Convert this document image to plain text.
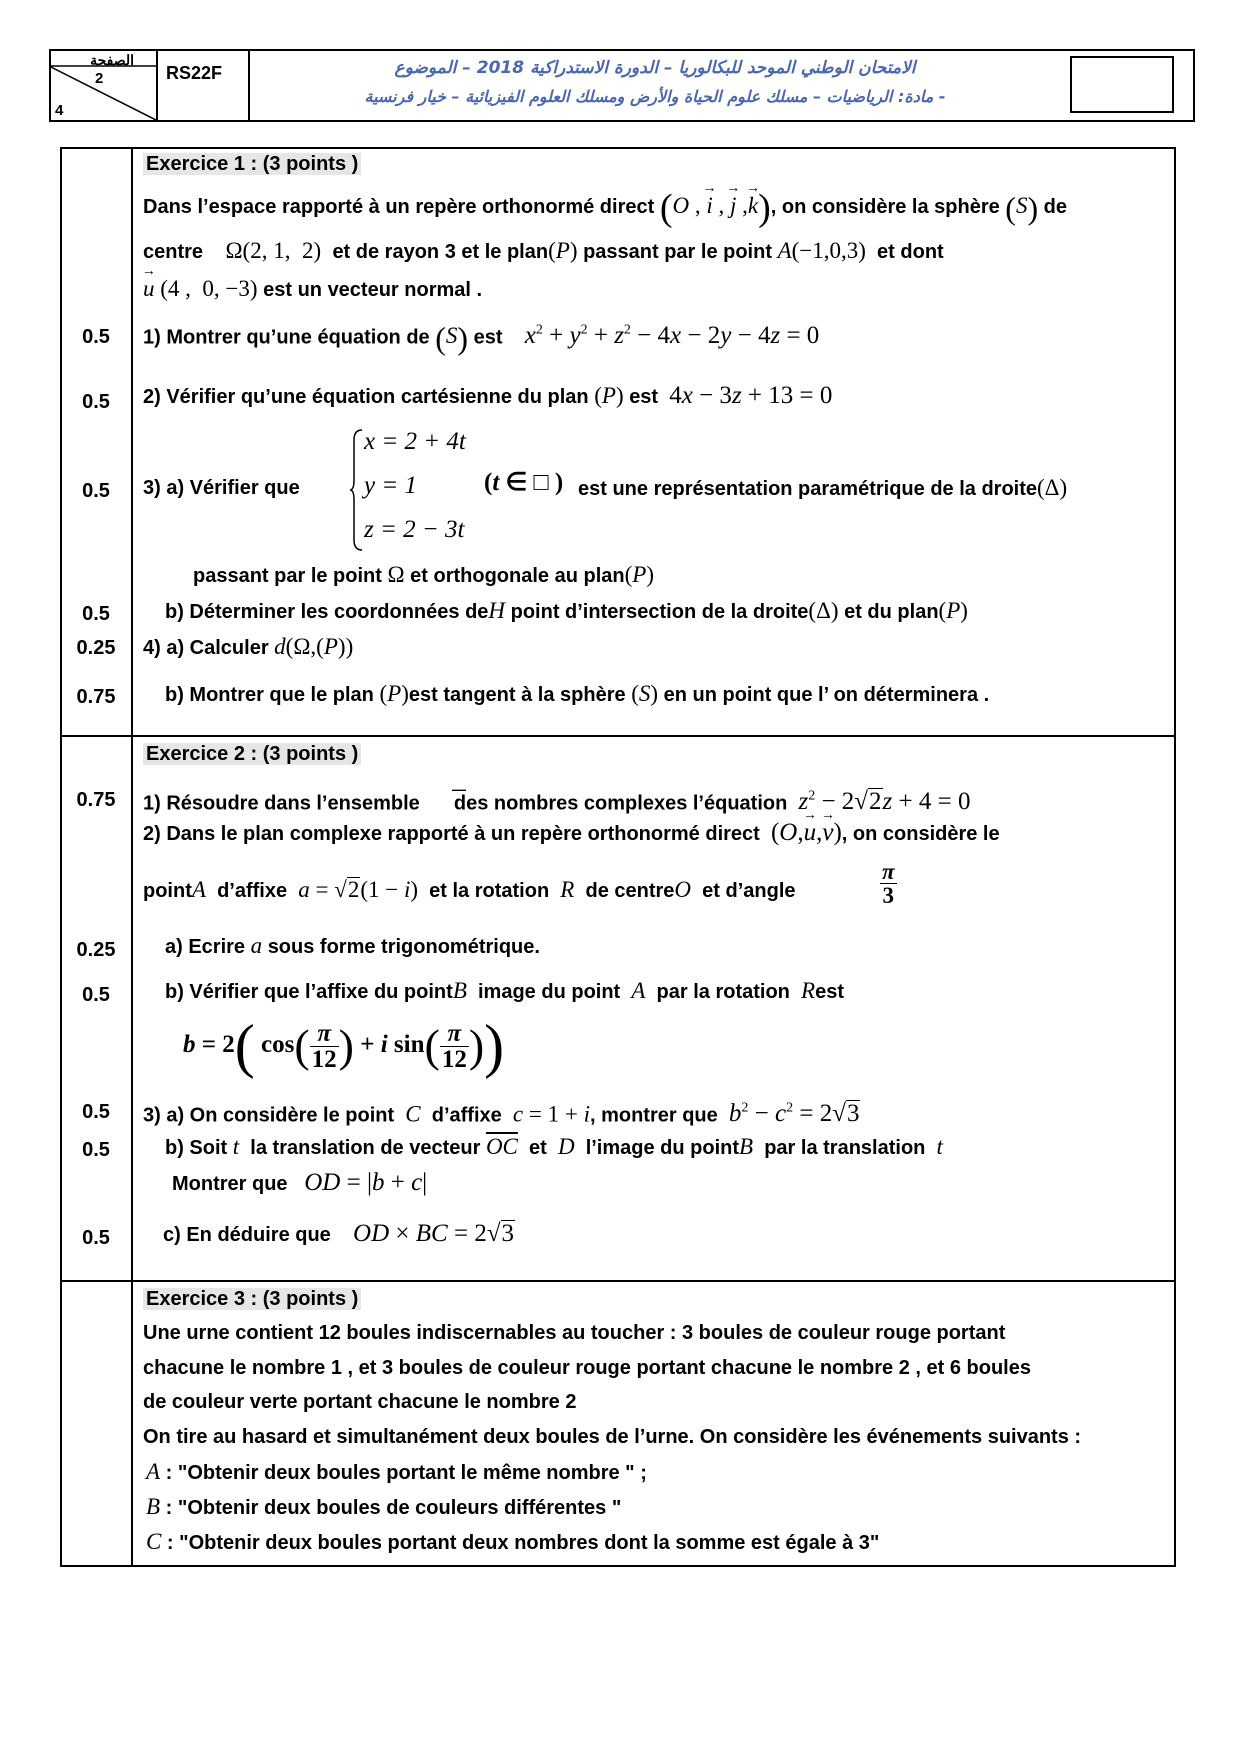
الصفحة
2
4
RS22F	الامتحان الوطني الموحد للبكالوريا – الدورة الاستدراكية 2018 – الموضوع
- مادة: الرياضيات – مسلك علوم الحياة والأرض ومسلك العلوم الفيزيائية – خيار فرنسية
Exercice 1 : (3 points )
Dans l’espace rapporté à un repère orthonormé direct (O , → i , → j ,→ k), on considère la sphère (S) de
centre    Ω(2, 1,  2)  et de rayon 3 et le plan(P) passant par le point A(−1,0,3) et dont
→ u (4 ,  0, −3) est un vecteur normal .
0.5	1) Montrer qu’une équation de (S) est $x^2 + y^2 + z^2 - 4x - 2y - 4z = 0$
0.5	2) Vérifier qu’une équation cartésienne du plan (P) est 4x − 3z + 13 = 0
x = 2 + 4t
y = 1
z = 2 − 3t
0.5	3) a) Vérifier que	(t ∈ □ ) est une représentation paramétrique de la droite(Δ)
passant par le point Ω et orthogonale au plan(P)
0.5	b) Déterminer les coordonnées deH point d’intersection de la droite(Δ) et du plan(P)
0.25	4) a) Calculer d(Ω,(P))
0.75	b) Montrer que le plan (P)est tangent à la sphère (S) en un point que l’ on déterminera .
Exercice 2 : (3 points )
0.75	1) Résoudre dans l’ensemble des nombres complexes l’équation $z^2 - 2√2z + 4 = 0$
—
2) Dans le plan complexe rapporté à un repère orthonormé direct (O,→ u,→ v), on considère le
pointA d’affixe a = √2(1 − i) et la rotation R de centreO et d’angle	$\frac{\pi}{3}$
0.25	a) Ecrire a sous forme trigonométrique.
0.5	b) Vérifier que l’affixe du pointB image du point A par la rotation Rest
b = 2( $\cos( \frac{\pi}{12}$ ) + i $\sin( \frac{\pi}{12}$ ))
0.5	3) a) On considère le point C d’affixe c = 1 + i, montrer que $b^2 - c^2 = 2√3$
0.5	b) Soit t la translation de vecteur $\overline{OC}$ et D l’image du pointB par la translation t
Montrer que OD = |b + c|
0.5	c) En déduire que OD × BC = 2√3
Exercice 3 : (3 points )
Une urne contient 12 boules indiscernables au toucher : 3 boules de couleur rouge portant
chacune le nombre 1 , et 3 boules de couleur rouge portant chacune le nombre 2 , et 6 boules
de couleur verte portant chacune le nombre 2
On tire au hasard et simultanément deux boules de l’urne. On considère les événements suivants :
A : "Obtenir deux boules portant le même nombre " ;
B : "Obtenir deux boules de couleurs différentes "
C : "Obtenir deux boules portant deux nombres dont la somme est égale à 3"
